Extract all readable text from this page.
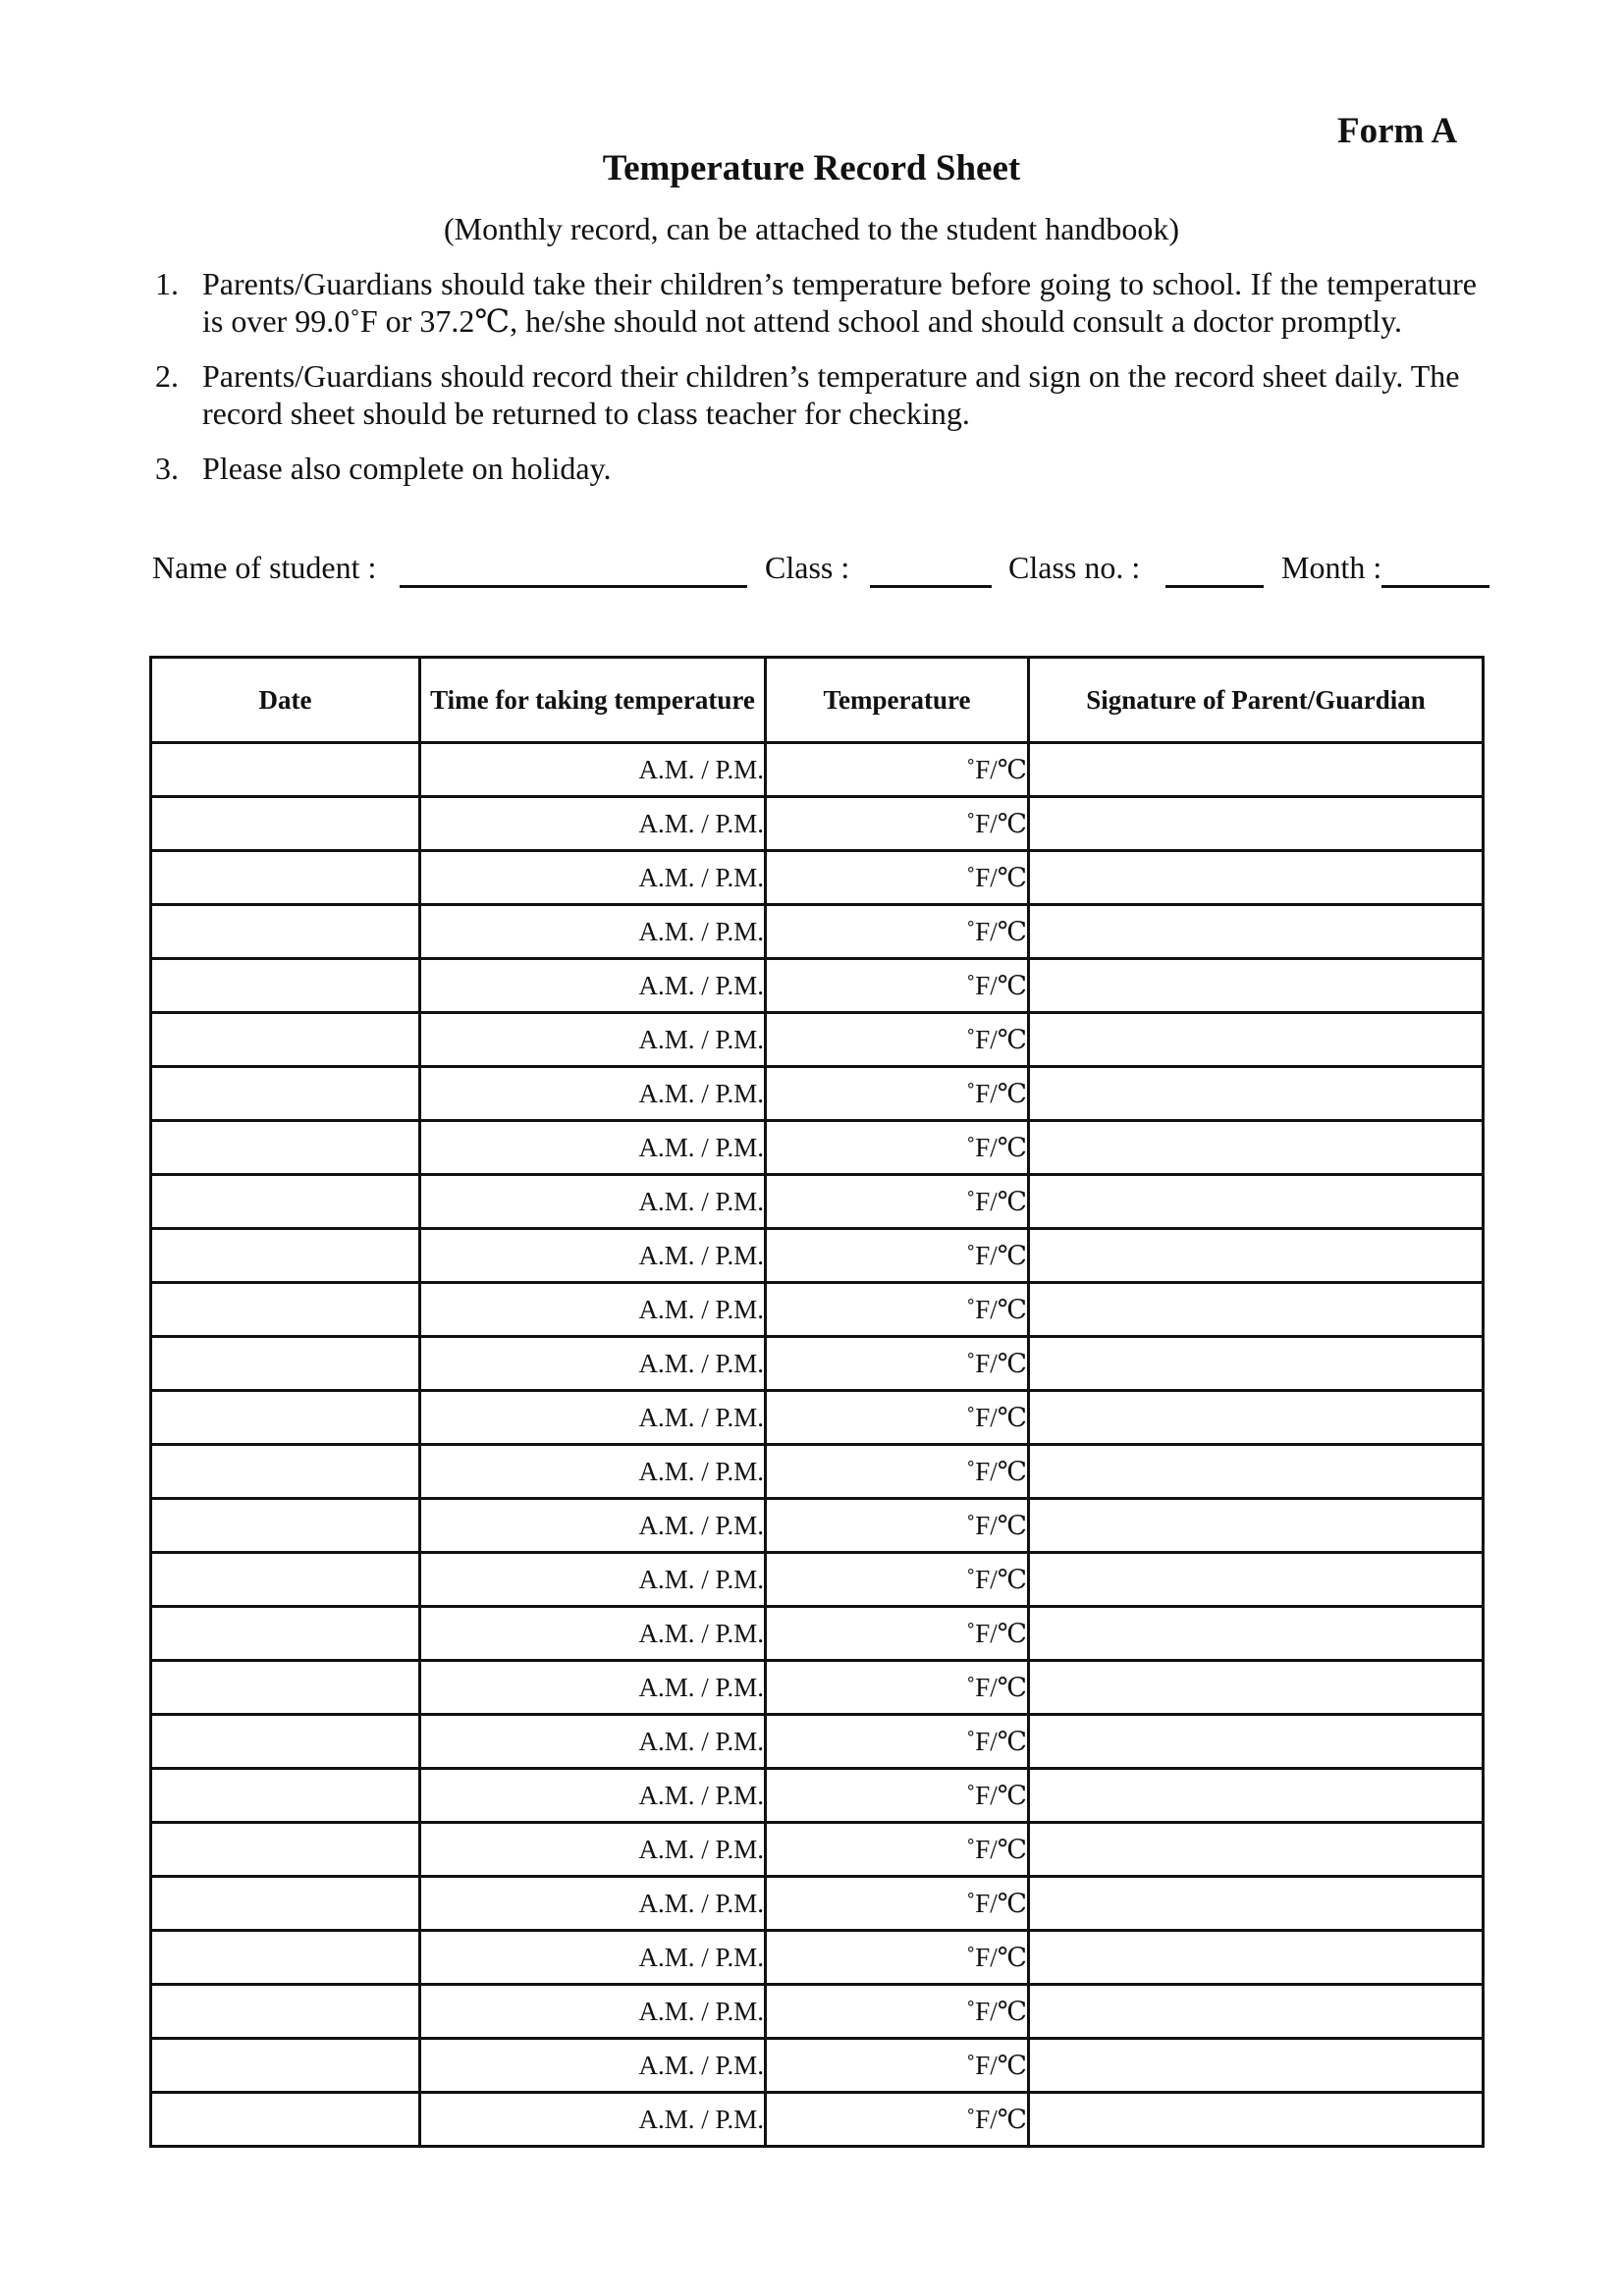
Form A
Temperature Record Sheet
(Monthly record, can be attached to the student handbook)
1. Parents/Guardians should take their children’s temperature before going to school. If the temperature is over 99.0˚F or 37.2℃, he/she should not attend school and should consult a doctor promptly.
2. Parents/Guardians should record their children’s temperature and sign on the record sheet daily. The record sheet should be returned to class teacher for checking.
3. Please also complete on holiday.
Name of student :	Class :	Class no. :	Month :
Date	Time for taking temperature	Temperature	Signature of Parent/Guardian
	A.M. / P.M.	˚F/℃	
	A.M. / P.M.	˚F/℃	
	A.M. / P.M.	˚F/℃	
	A.M. / P.M.	˚F/℃	
	A.M. / P.M.	˚F/℃	
	A.M. / P.M.	˚F/℃	
	A.M. / P.M.	˚F/℃	
	A.M. / P.M.	˚F/℃	
	A.M. / P.M.	˚F/℃	
	A.M. / P.M.	˚F/℃	
	A.M. / P.M.	˚F/℃	
	A.M. / P.M.	˚F/℃	
	A.M. / P.M.	˚F/℃	
	A.M. / P.M.	˚F/℃	
	A.M. / P.M.	˚F/℃	
	A.M. / P.M.	˚F/℃	
	A.M. / P.M.	˚F/℃	
	A.M. / P.M.	˚F/℃	
	A.M. / P.M.	˚F/℃	
	A.M. / P.M.	˚F/℃	
	A.M. / P.M.	˚F/℃	
	A.M. / P.M.	˚F/℃	
	A.M. / P.M.	˚F/℃	
	A.M. / P.M.	˚F/℃	
	A.M. / P.M.	˚F/℃	
	A.M. / P.M.	˚F/℃	
